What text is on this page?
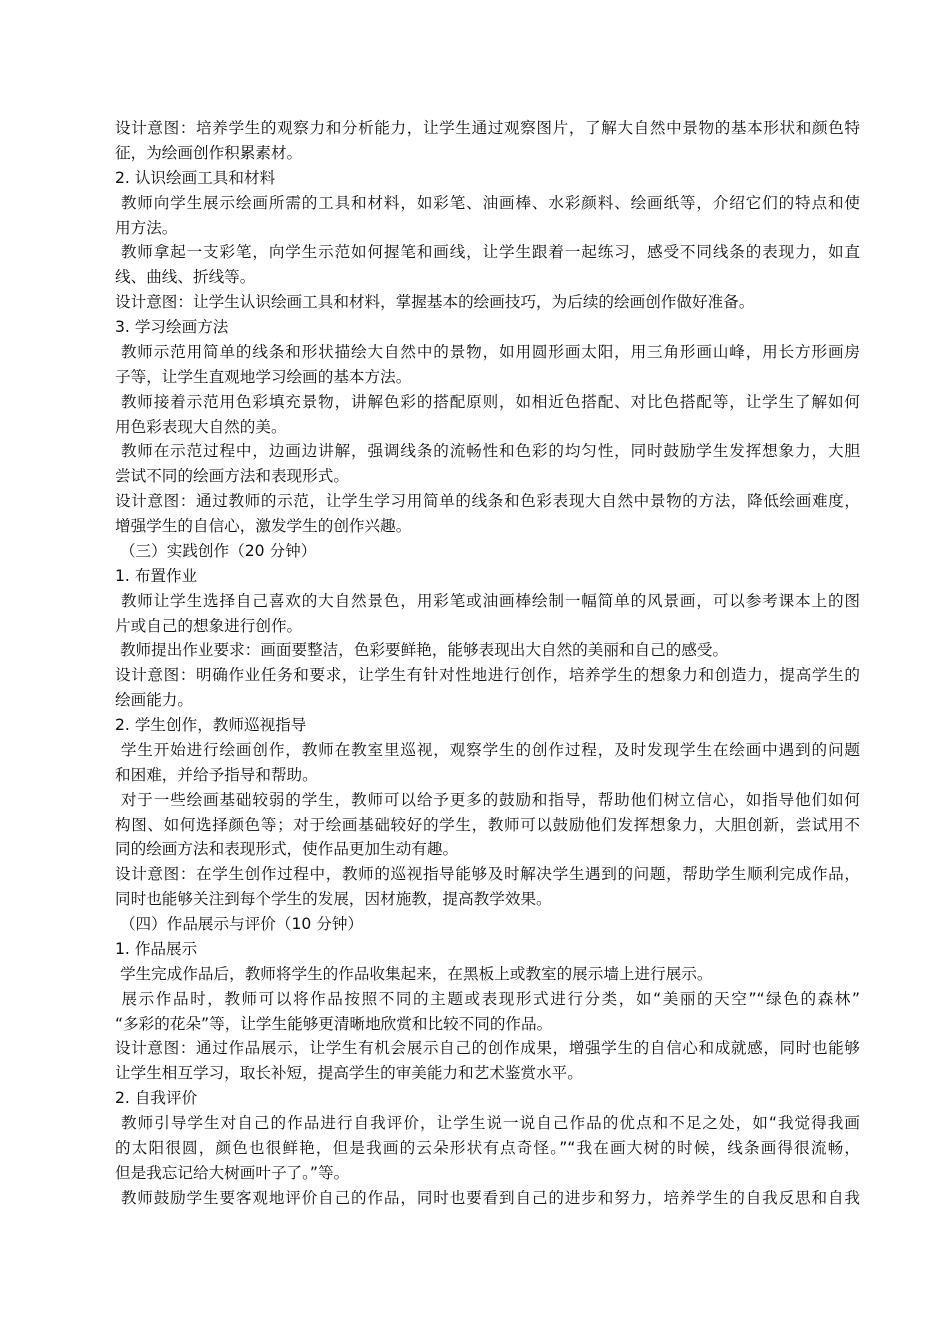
设计意图：培养学生的观察力和分析能力，让学生通过观察图片，了解大自然中景物的基本形状和颜色特
征，为绘画创作积累素材。
2. 认识绘画工具和材料
教师向学生展示绘画所需的工具和材料，如彩笔、油画棒、水彩颜料、绘画纸等，介绍它们的特点和使
用方法。
教师拿起一支彩笔，向学生示范如何握笔和画线，让学生跟着一起练习，感受不同线条的表现力，如直
线、曲线、折线等。
设计意图：让学生认识绘画工具和材料，掌握基本的绘画技巧，为后续的绘画创作做好准备。
3. 学习绘画方法
教师示范用简单的线条和形状描绘大自然中的景物，如用圆形画太阳，用三角形画山峰，用长方形画房
子等，让学生直观地学习绘画的基本方法。
教师接着示范用色彩填充景物，讲解色彩的搭配原则，如相近色搭配、对比色搭配等，让学生了解如何
用色彩表现大自然的美。
教师在示范过程中，边画边讲解，强调线条的流畅性和色彩的均匀性，同时鼓励学生发挥想象力，大胆
尝试不同的绘画方法和表现形式。
设计意图：通过教师的示范，让学生学习用简单的线条和色彩表现大自然中景物的方法，降低绘画难度，
增强学生的自信心，激发学生的创作兴趣。
（三）实践创作（20 分钟）
1. 布置作业
教师让学生选择自己喜欢的大自然景色，用彩笔或油画棒绘制一幅简单的风景画，可以参考课本上的图
片或自己的想象进行创作。
教师提出作业要求：画面要整洁，色彩要鲜艳，能够表现出大自然的美丽和自己的感受。
设计意图：明确作业任务和要求，让学生有针对性地进行创作，培养学生的想象力和创造力，提高学生的
绘画能力。
2. 学生创作，教师巡视指导
学生开始进行绘画创作，教师在教室里巡视，观察学生的创作过程，及时发现学生在绘画中遇到的问题
和困难，并给予指导和帮助。
对于一些绘画基础较弱的学生，教师可以给予更多的鼓励和指导，帮助他们树立信心，如指导他们如何
构图、如何选择颜色等；对于绘画基础较好的学生，教师可以鼓励他们发挥想象力，大胆创新，尝试用不
同的绘画方法和表现形式，使作品更加生动有趣。
设计意图：在学生创作过程中，教师的巡视指导能够及时解决学生遇到的问题，帮助学生顺利完成作品，
同时也能够关注到每个学生的发展，因材施教，提高教学效果。
（四）作品展示与评价（10 分钟）
1. 作品展示
学生完成作品后，教师将学生的作品收集起来，在黑板上或教室的展示墙上进行展示。
展示作品时，教师可以将作品按照不同的主题或表现形式进行分类，如“美丽的天空”“绿色的森林”
“多彩的花朵”等，让学生能够更清晰地欣赏和比较不同的作品。
设计意图：通过作品展示，让学生有机会展示自己的创作成果，增强学生的自信心和成就感，同时也能够
让学生相互学习，取长补短，提高学生的审美能力和艺术鉴赏水平。
2. 自我评价
教师引导学生对自己的作品进行自我评价，让学生说一说自己作品的优点和不足之处，如“我觉得我画
的太阳很圆，颜色也很鲜艳，但是我画的云朵形状有点奇怪。”“我在画大树的时候，线条画得很流畅，
但是我忘记给大树画叶子了。”等。
教师鼓励学生要客观地评价自己的作品，同时也要看到自己的进步和努力，培养学生的自我反思和自我
